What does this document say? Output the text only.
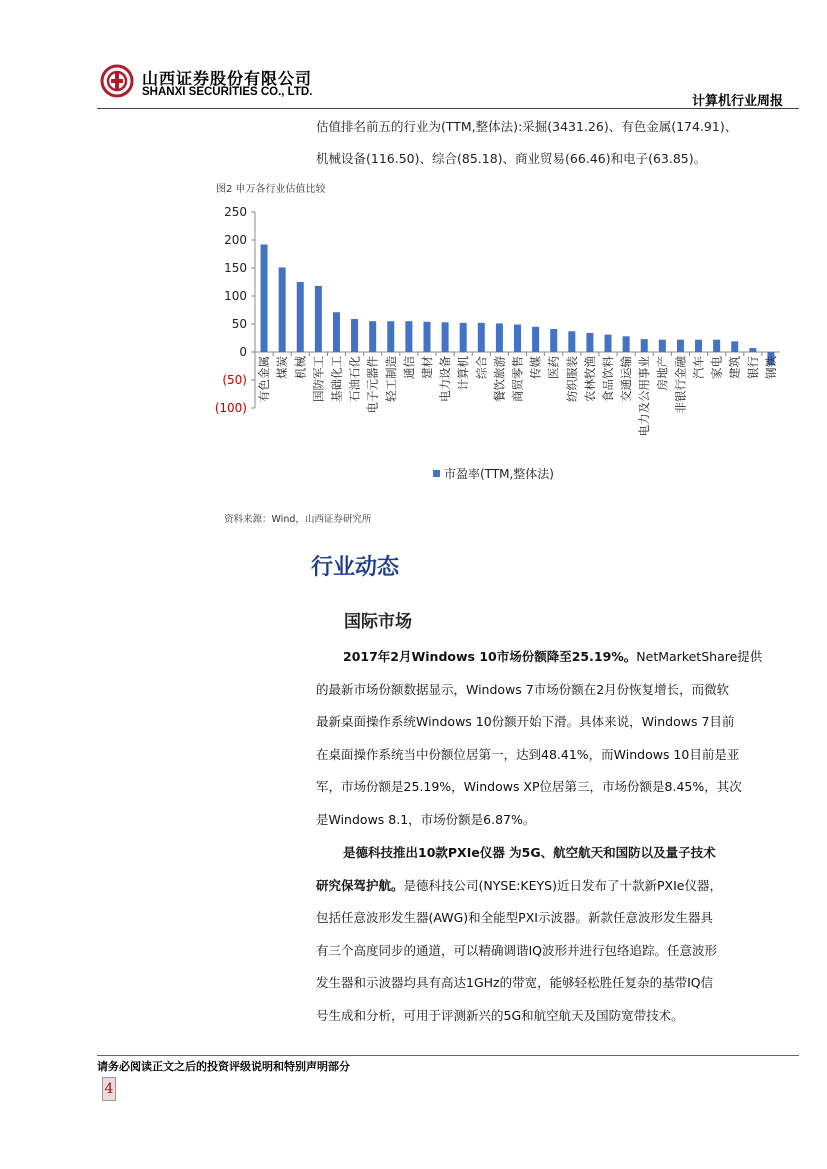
山西证券股份有限公司
SHANXI SECURITIES CO., LTD.
计算机行业周报
估值排名前五的行业为(TTM,整体法):采掘(3431.26)、有色金属(174.91)、
机械设备(116.50)、综合(85.18)、商业贸易(66.46)和电子(63.85)。
图2 申万各行业估值比较
250
200
150
100
50
0
(50)
(100)
有色金属 煤炭 机械 国防军工 基础化工 石油石化 电子元器件 轻工制造 通信 建材 电力设备 计算机 综合 餐饮旅游 商贸零售 传媒 医药 纺织服装 农林牧渔 食品饮料 交通运输 电力及公用事业 房地产 非银行金融 汽车 家电 建筑 银行 钢铁
市盈率(TTM,整体法)
资料来源：Wind，山西证券研究所
行业动态
国际市场
2017年2月Windows 10市场份额降至25.19%。NetMarketShare提供
的最新市场份额数据显示，Windows 7市场份额在2月份恢复增长，而微软
最新桌面操作系统Windows 10份额开始下滑。具体来说，Windows 7目前
在桌面操作系统当中份额位居第一，达到48.41%，而Windows 10目前是亚
军，市场份额是25.19%，Windows XP位居第三，市场份额是8.45%，其次
是Windows 8.1，市场份额是6.87%。
是德科技推出10款PXIe仪器 为5G、航空航天和国防以及量子技术
研究保驾护航。是德科技公司(NYSE:KEYS)近日发布了十款新PXIe仪器，
包括任意波形发生器(AWG)和全能型PXI示波器。新款任意波形发生器具
有三个高度同步的通道，可以精确调谐IQ波形并进行包络追踪。任意波形
发生器和示波器均具有高达1GHz的带宽，能够轻松胜任复杂的基带IQ信
号生成和分析，可用于评测新兴的5G和航空航天及国防宽带技术。
请务必阅读正文之后的投资评级说明和特别声明部分
4
